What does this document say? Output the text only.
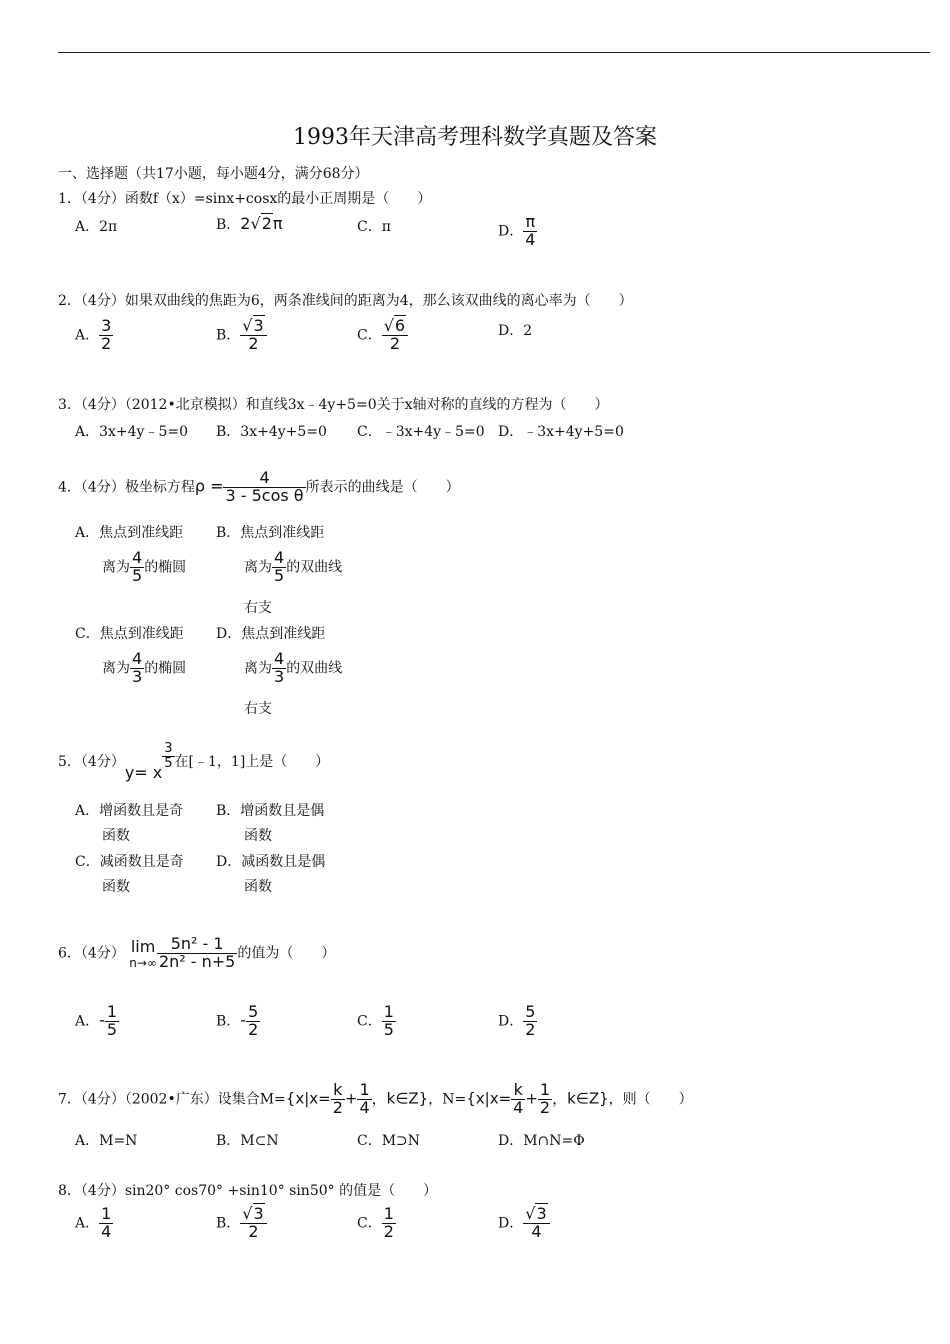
1993年天津高考理科数学真题及答案
一、选择题（共17小题，每小题4分，满分68分）
1．（4分）函数f（x）=sinx+cosx的最小正周期是（　　）
A．2π	B．2√2π	C．π	D． $\frac{\pi}{4}$
2．（4分）如果双曲线的焦距为6，两条准线间的距离为4，那么该双曲线的离心率为（　　）
A． $\frac{3}{2}$	B． $\frac{√3}{2}$	C． $\frac{√6}{2}$	D．2
3．（4分）（2012•北京模拟）和直线3x﹣4y+5=0关于x轴对称的直线的方程为（　　）
A．3x+4y﹣5=0 B．3x+4y+5=0 C．﹣3x+4y﹣5=0 D．﹣3x+4y+5=0
4．（4分）极坐标方程$\rho = \frac{4}{\text{3 - 5cos θ}}$ 所表示的曲线是（　　）
A．焦点到准线距
离为 $\frac{4}{5}$ 的椭圆
B．焦点到准线距
离为 $\frac{4}{5}$ 的双曲线
右支
C．焦点到准线距
离为 $\frac{4}{3}$ 的椭圆
D．焦点到准线距
离为 $\frac{4}{3}$ 的双曲线
右支
5．（4分）y= x
$\frac{3}{5}$ 在[﹣1，1]上是（　　）
A．增函数且是奇
函数
B．增函数且是偶
函数
C．减函数且是奇
函数
D．减函数且是偶
函数
6．（4分） lim
$n\to\infty \frac{\text{5n² - 1}}{\text{2n² - n+5}}$ 的值为（　　）
A．- $\frac{1}{5}$	B．- $\frac{5}{2}$	C． $\frac{1}{5}$	D． $\frac{5}{2}$
7．（4分）（2002•广东）设集合$M=\{x|x= \frac{k}{2} + \frac{1}{4}$ ，k∈Z}，$N=\{x|x= \frac{k}{4} + \frac{1}{2}$ ，k∈Z}，则（　　）
A．M=N	B．M⊂N	C．M⊃N	D．M∩N=Φ
8．（4分）sin20° cos70° +sin10° sin50° 的值是（　　）
A． $\frac{1}{4}$	B． $\frac{√3}{2}$	C． $\frac{1}{2}$	D． $\frac{√3}{4}$
